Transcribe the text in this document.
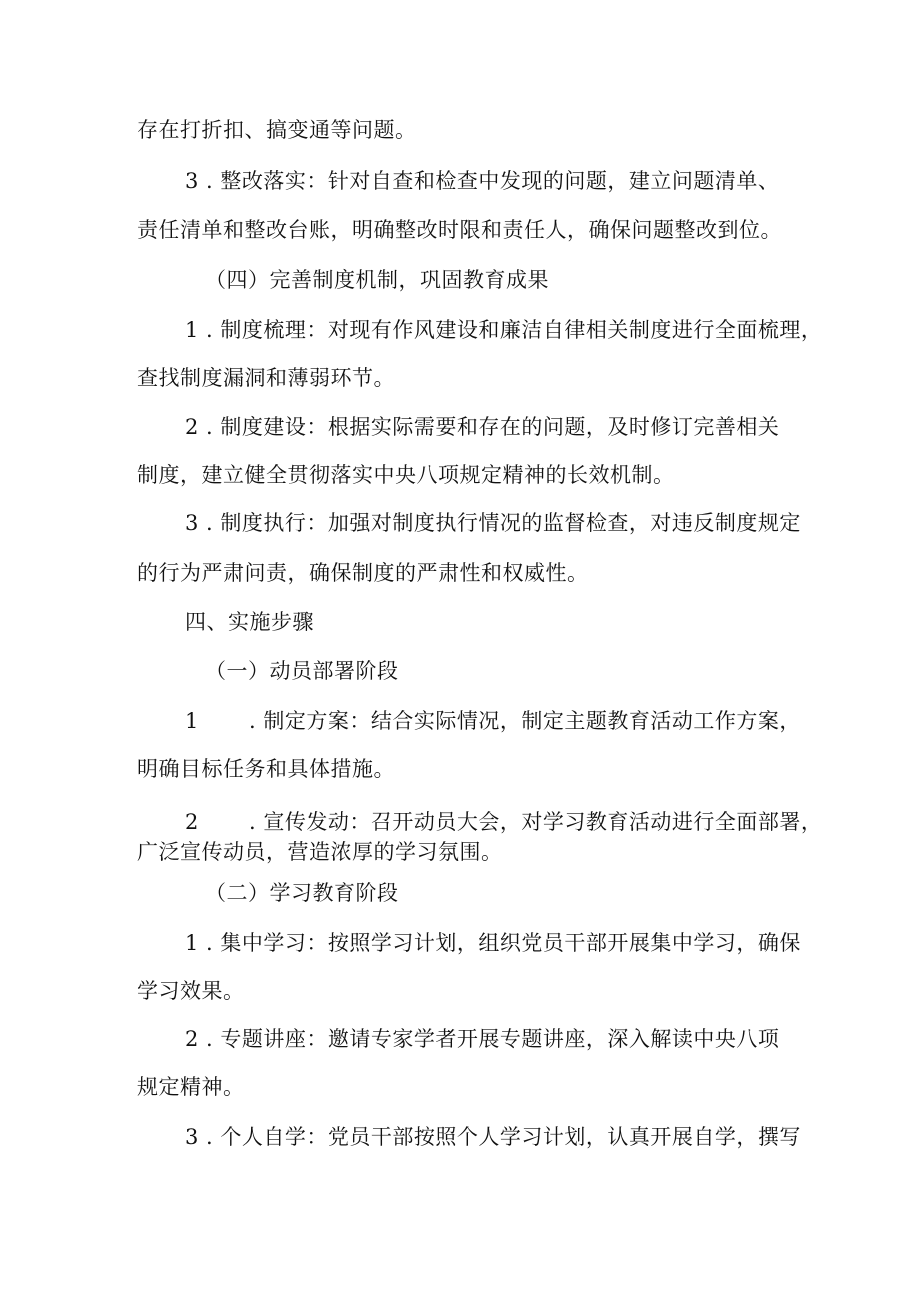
存在打折扣、搞变通等问题。
3 . 整改落实：针对自查和检查中发现的问题，建立问题清单、
责任清单和整改台账，明确整改时限和责任人，确保问题整改到位。
（四）完善制度机制，巩固教育成果
1 . 制度梳理：对现有作风建设和廉洁自律相关制度进行全面梳理，
查找制度漏洞和薄弱环节。
2 . 制度建设：根据实际需要和存在的问题，及时修订完善相关
制度，建立健全贯彻落实中央八项规定精神的长效机制。
3 . 制度执行：加强对制度执行情况的监督检查，对违反制度规定
的行为严肃问责，确保制度的严肃性和权威性。
四、实施步骤
（一）动员部署阶段
1 　　. 制定方案：结合实际情况，制定主题教育活动工作方案，
明确目标任务和具体措施。
2 　　. 宣传发动：召开动员大会，对学习教育活动进行全面部署，
广泛宣传动员，营造浓厚的学习氛围。
（二）学习教育阶段
1 . 集中学习：按照学习计划，组织党员干部开展集中学习，确保
学习效果。
2 . 专题讲座：邀请专家学者开展专题讲座，深入解读中央八项
规定精神。
3 . 个人自学：党员干部按照个人学习计划，认真开展自学，撰写
